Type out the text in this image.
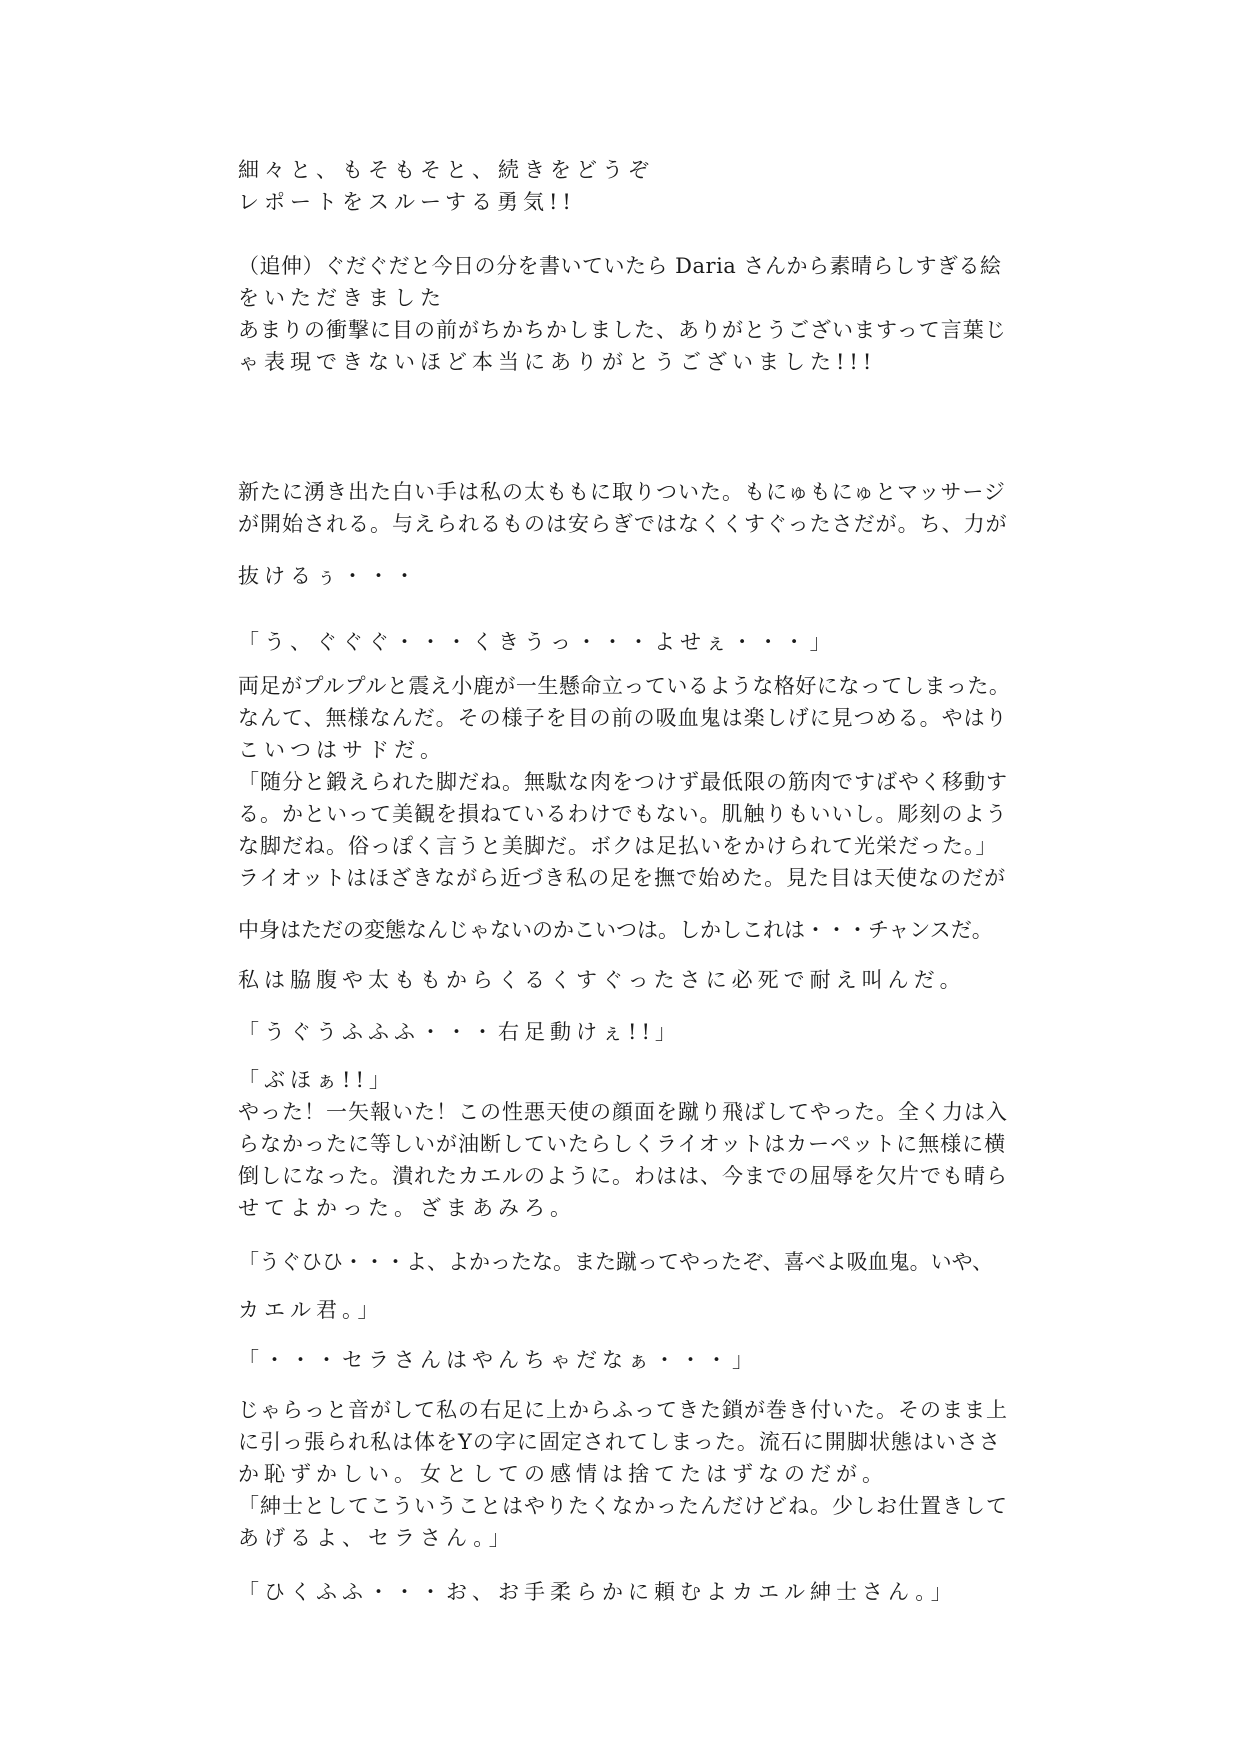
細々と、もそもそと、続きをどうぞ
レポートをスルーする勇気!!
（追伸）ぐだぐだと今日の分を書いていたら Daria さんから素晴らしすぎる絵
をいただきました
あまりの衝撃に目の前がちかちかしました、ありがとうございますって言葉じ
ゃ表現できないほど本当にありがとうございました!!!
新たに湧き出た白い手は私の太ももに取りついた。もにゅもにゅとマッサージ
が開始される。与えられるものは安らぎではなくくすぐったさだが。ち、力が
抜けるぅ・・・
「う、ぐぐぐ・・・くきうっ・・・よせぇ・・・」
両足がプルプルと震え小鹿が一生懸命立っているような格好になってしまった。
なんて、無様なんだ。その様子を目の前の吸血鬼は楽しげに見つめる。やはり
こいつはサドだ。
「随分と鍛えられた脚だね。無駄な肉をつけず最低限の筋肉ですばやく移動す
る。かといって美観を損ねているわけでもない。肌触りもいいし。彫刻のよう
な脚だね。俗っぽく言うと美脚だ。ボクは足払いをかけられて光栄だった。」
ライオットはほざきながら近づき私の足を撫で始めた。見た目は天使なのだが
中身はただの変態なんじゃないのかこいつは。しかしこれは・・・チャンスだ。
私は脇腹や太ももからくるくすぐったさに必死で耐え叫んだ。
「うぐうふふふ・・・右足動けぇ!!」
「ぶほぁ!!」
やった！一矢報いた！この性悪天使の顔面を蹴り飛ばしてやった。全く力は入
らなかったに等しいが油断していたらしくライオットはカーペットに無様に横
倒しになった。潰れたカエルのように。わはは、今までの屈辱を欠片でも晴ら
せてよかった。ざまあみろ。
「うぐひひ・・・よ、よかったな。また蹴ってやったぞ、喜べよ吸血鬼。いや、
カエル君。」
「・・・セラさんはやんちゃだなぁ・・・」
じゃらっと音がして私の右足に上からふってきた鎖が巻き付いた。そのまま上
に引っ張られ私は体をYの字に固定されてしまった。流石に開脚状態はいささ
か恥ずかしい。女としての感情は捨てたはずなのだが。
「紳士としてこういうことはやりたくなかったんだけどね。少しお仕置きして
あげるよ、セラさん。」
「ひくふふ・・・お、お手柔らかに頼むよカエル紳士さん。」
